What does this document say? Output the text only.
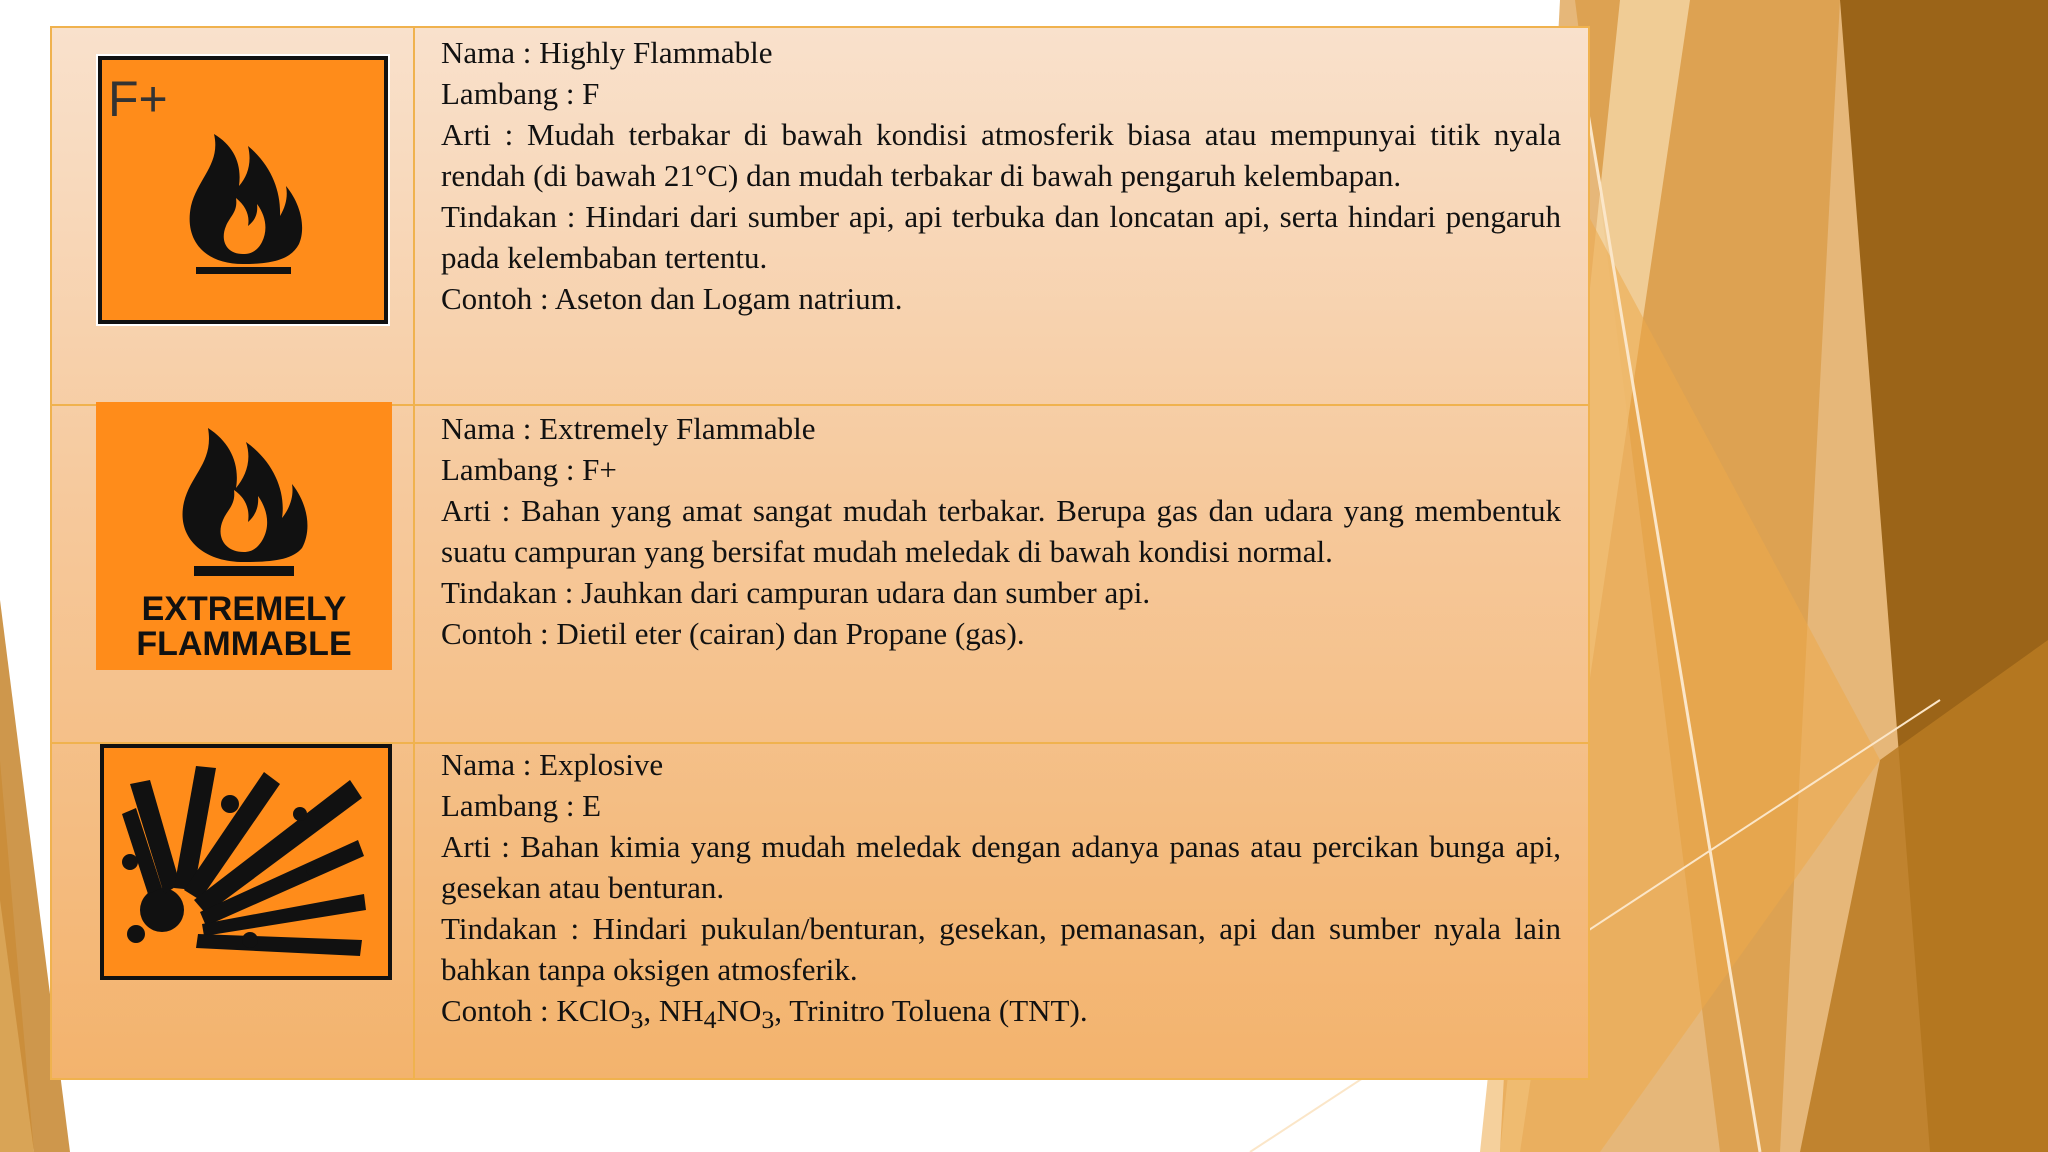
F+

Nama : Highly Flammable

Lambang : F

Arti : Mudah terbakar di bawah kondisi atmosferik biasa atau mempunyai titik nyala rendah (di bawah 21°C) dan mudah terbakar di bawah pengaruh kelembapan.

Tindakan : Hindari dari sumber api, api terbuka dan loncatan api, serta hindari pengaruh pada kelembaban tertentu.

Contoh : Aseton dan Logam natrium.

EXTREMELY
FLAMMABLE

Nama : Extremely Flammable

Lambang : F+

Arti : Bahan yang amat sangat mudah terbakar. Berupa gas dan udara yang membentuk suatu campuran yang bersifat mudah meledak di bawah kondisi normal.

Tindakan : Jauhkan dari campuran udara dan sumber api.

Contoh : Dietil eter (cairan) dan Propane (gas).

Nama : Explosive

Lambang : E

Arti : Bahan kimia yang mudah meledak dengan adanya panas atau percikan bunga api, gesekan atau benturan.

Tindakan : Hindari pukulan/benturan, gesekan, pemanasan, api dan sumber nyala lain bahkan tanpa oksigen atmosferik.

Contoh : KClO$_3$, $NH_4NO_3$, Trinitro Toluena (TNT).
